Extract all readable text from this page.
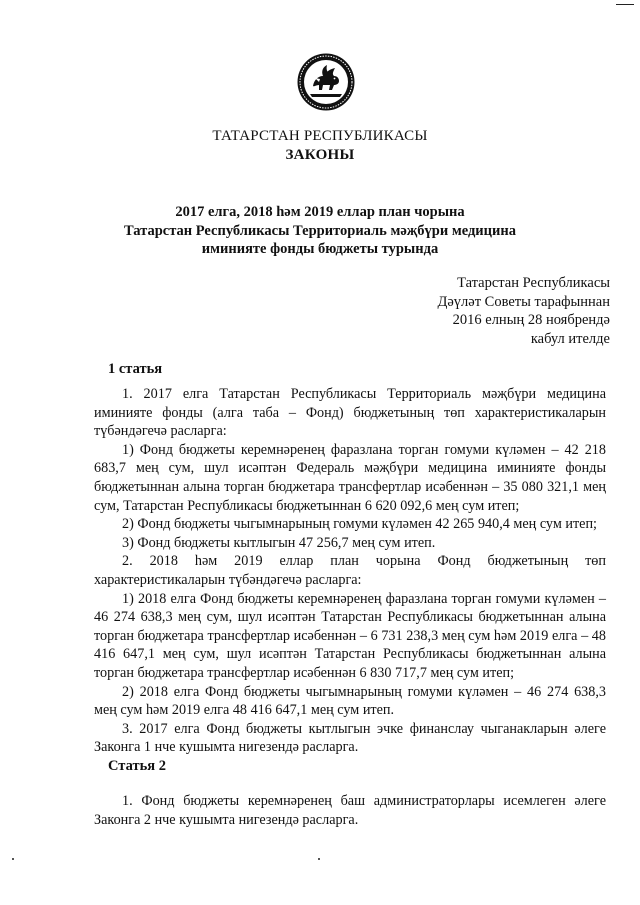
ТАТАРСТАН РЕСПУБЛИКАСЫ
ЗАКОНЫ
2017 елга, 2018 һәм 2019 еллар план чорына
Татарстан Республикасы Территориаль мәҗбүри медицина
иминияте фонды бюджеты турында
Татарстан Республикасы
Дәүләт Советы тарафыннан
2016 елның 28 ноябрендә
кабул ителде
1 статья

1. 2017 елга Татарстан Республикасы Территориаль мәҗбүри медицина иминияте фонды (алга таба – Фонд) бюджетының төп характеристикаларын түбәндәгечә расларга:

1) Фонд бюджеты керемнәренең фаразлана торган гомуми күләмен – 42 218 683,7 мең сум, шул исәптән Федераль мәҗбүри медицина иминияте фонды бюджетыннан алына торган бюджетара трансфертлар исәбеннән – 35 080 321,1 мең сум, Татарстан Республикасы бюджетыннан 6 620 092,6 мең сум итеп;

2) Фонд бюджеты чыгымнарының гомуми күләмен 42 265 940,4 мең сум итеп;

3) Фонд бюджеты кытлыгын 47 256,7 мең сум итеп.

2. 2018 һәм 2019 еллар план чорына Фонд бюджетының төп характеристикаларын түбәндәгечә расларга:

1) 2018 елга Фонд бюджеты керемнәренең фаразлана торган гомуми күләмен – 46 274 638,3 мең сум, шул исәптән Татарстан Республикасы бюджетыннан алына торган бюджетара трансфертлар исәбеннән – 6 731 238,3 мең сум һәм 2019 елга – 48 416 647,1 мең сум, шул исәптән Татарстан Республикасы бюджетыннан алына торган бюджетара трансфертлар исәбеннән 6 830 717,7 мең сум итеп;

2) 2018 елга Фонд бюджеты чыгымнарының гомуми күләмен – 46 274 638,3 мең сум һәм 2019 елга 48 416 647,1 мең сум итеп.

3. 2017 елга Фонд бюджеты кытлыгын эчке финанслау чыганакларын әлеге Законга 1 нче кушымта нигезендә расларга.

Статья 2

1. Фонд бюджеты керемнәренең баш администраторлары исемлеген әлеге Законга 2 нче кушымта нигезендә расларга.
